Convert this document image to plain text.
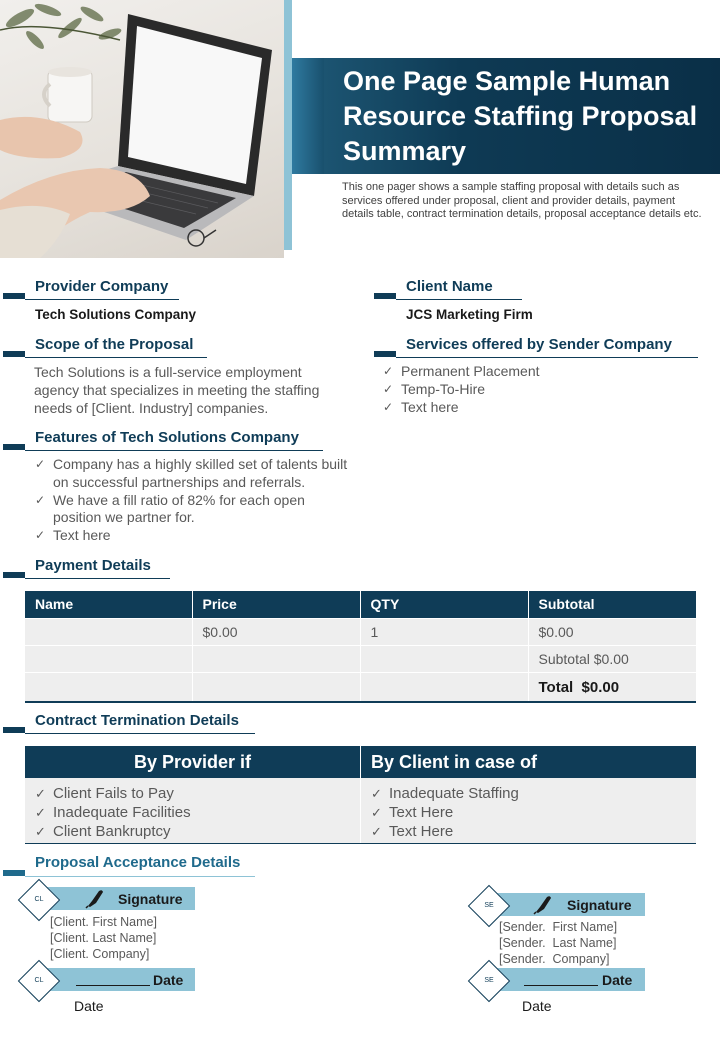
One Page Sample Human Resource Staffing Proposal Summary
This one pager shows a sample staffing proposal with details such as services offered under proposal, client and provider details, payment details table, contract termination details, proposal acceptance details etc.
Provider Company
Tech Solutions Company
Client Name
JCS Marketing Firm
Scope of the Proposal
Tech Solutions is a full-service employment agency that specializes in meeting the staffing needs of [Client. Industry] companies.
Services offered by Sender Company
✓ Permanent Placement
✓ Temp-To-Hire
✓ Text here
Features of Tech Solutions Company
✓ Company has a highly skilled set of talents built on successful partnerships and referrals.
✓ We have a fill ratio of 82% for each open position we partner for.
✓ Text here
Payment Details
Name	Price	QTY	Subtotal
	$0.00	1	$0.00
			Subtotal $0.00
			Total  $0.00
Contract Termination Details
By Provider if	By Client in case of
✓ Client Fails to Pay
✓ Inadequate Facilities
✓ Client Bankruptcy
✓ Inadequate Staffing
✓ Text Here
✓ Text Here
Proposal Acceptance Details
CL	Signature
[Client. First Name]
[Client. Last Name]
[Client. Company]
CL	Date
Date
SE	Signature
[Sender.  First Name]
[Sender.  Last Name]
[Sender.  Company]
SE	Date
Date
